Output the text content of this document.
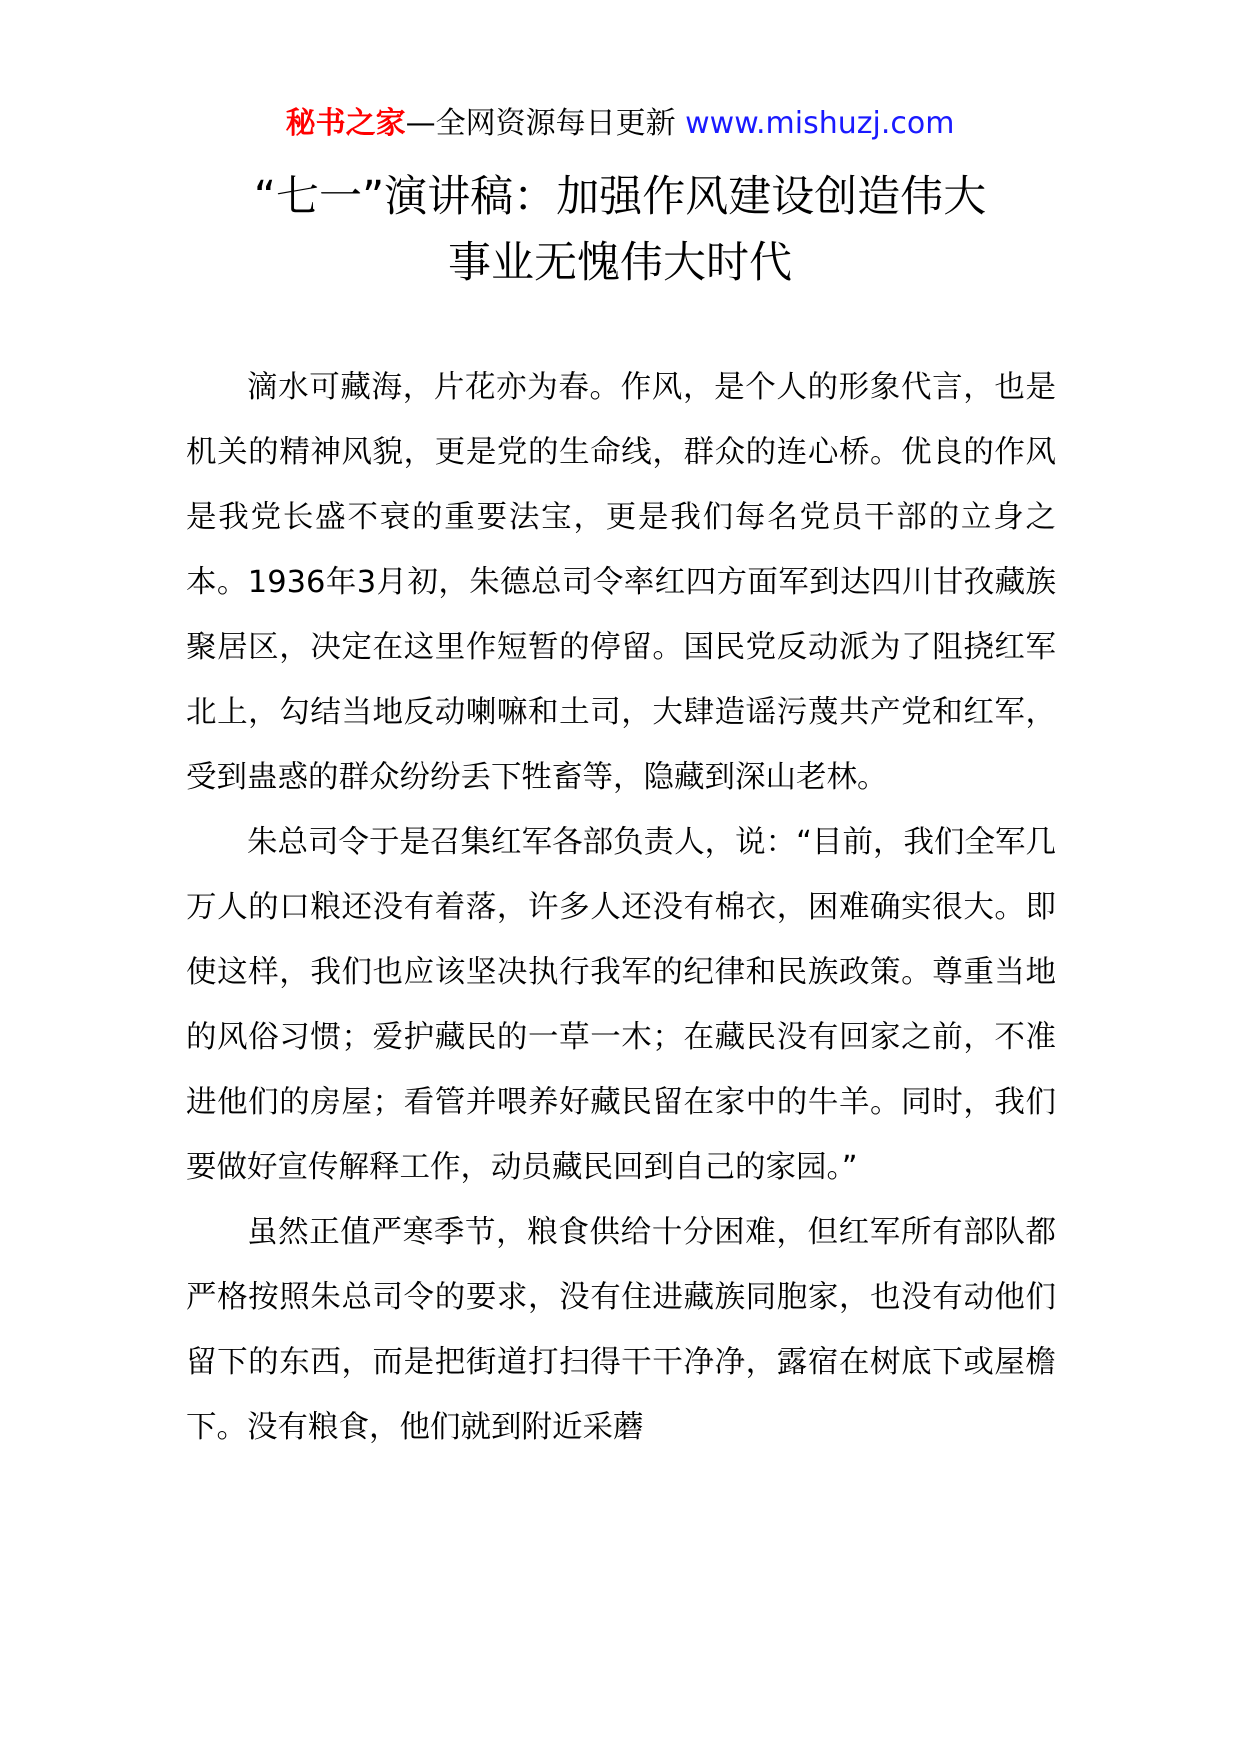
秘书之家—全网资源每日更新 www.mishuzj.com
“七一”演讲稿：加强作风建设创造伟大
事业无愧伟大时代

滴水可藏海，片花亦为春。作风，是个人的形象代言，也是机关的精神风貌，更是党的生命线，群众的连心桥。优良的作风是我党长盛不衰的重要法宝，更是我们每名党员干部的立身之本。1936年3月初，朱德总司令率红四方面军到达四川甘孜藏族聚居区，决定在这里作短暂的停留。国民党反动派为了阻挠红军北上，勾结当地反动喇嘛和土司，大肆造谣污蔑共产党和红军，受到蛊惑的群众纷纷丢下牲畜等，隐藏到深山老林。

朱总司令于是召集红军各部负责人，说：“目前，我们全军几万人的口粮还没有着落，许多人还没有棉衣，困难确实很大。即使这样，我们也应该坚决执行我军的纪律和民族政策。尊重当地的风俗习惯；爱护藏民的一草一木；在藏民没有回家之前，不准进他们的房屋；看管并喂养好藏民留在家中的牛羊。同时，我们要做好宣传解释工作，动员藏民回到自己的家园。”

虽然正值严寒季节，粮食供给十分困难，但红军所有部队都严格按照朱总司令的要求，没有住进藏族同胞家，也没有动他们留下的东西，而是把街道打扫得干干净净，露宿在树底下或屋檐下。没有粮食，他们就到附近采蘑
